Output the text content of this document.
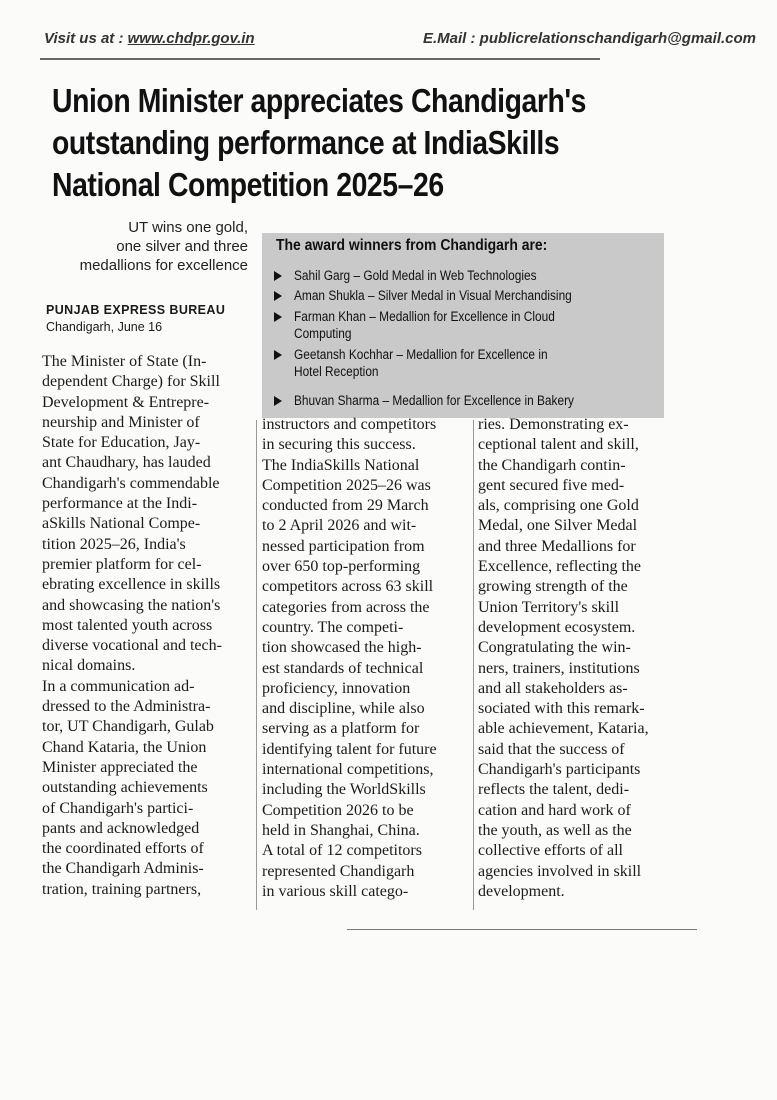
Visit us at : www.chdpr.gov.in	E.Mail : publicrelationschandigarh@gmail.com
Union Minister appreciates Chandigarh's
outstanding performance at IndiaSkills
National Competition 2025–26
UT wins one gold,
one silver and three
medallions for excellence
PUNJAB EXPRESS BUREAU
Chandigarh, June 16
The award winners from Chandigarh are:
Sahil Garg – Gold Medal in Web Technologies
Aman Shukla – Silver Medal in Visual Merchandising
Farman Khan – Medallion for Excellence in Cloud
Computing
Geetansh Kochhar – Medallion for Excellence in
Hotel Reception
Bhuvan Sharma – Medallion for Excellence in Bakery
The Minister of State (In-
dependent Charge) for Skill
Development & Entrepre-
neurship and Minister of
State for Education, Jay-
ant Chaudhary, has lauded
Chandigarh's commendable
performance at the Indi-
aSkills National Compe-
tition 2025–26, India's
premier platform for cel-
ebrating excellence in skills
and showcasing the nation's
most talented youth across
diverse vocational and tech-
nical domains.
In a communication ad-
dressed to the Administra-
tor, UT Chandigarh, Gulab
Chand Kataria, the Union
Minister appreciated the
outstanding achievements
of Chandigarh's partici-
pants and acknowledged
the coordinated efforts of
the Chandigarh Adminis-
tration, training partners,
instructors and competitors
in securing this success.
The IndiaSkills National
Competition 2025–26 was
conducted from 29 March
to 2 April 2026 and wit-
nessed participation from
over 650 top-performing
competitors across 63 skill
categories from across the
country. The competi-
tion showcased the high-
est standards of technical
proficiency, innovation
and discipline, while also
serving as a platform for
identifying talent for future
international competitions,
including the WorldSkills
Competition 2026 to be
held in Shanghai, China.
A total of 12 competitors
represented Chandigarh
in various skill catego-
ries. Demonstrating ex-
ceptional talent and skill,
the Chandigarh contin-
gent secured five med-
als, comprising one Gold
Medal, one Silver Medal
and three Medallions for
Excellence, reflecting the
growing strength of the
Union Territory's skill
development ecosystem.
Congratulating the win-
ners, trainers, institutions
and all stakeholders as-
sociated with this remark-
able achievement, Kataria,
said that the success of
Chandigarh's participants
reflects the talent, dedi-
cation and hard work of
the youth, as well as the
collective efforts of all
agencies involved in skill
development.
